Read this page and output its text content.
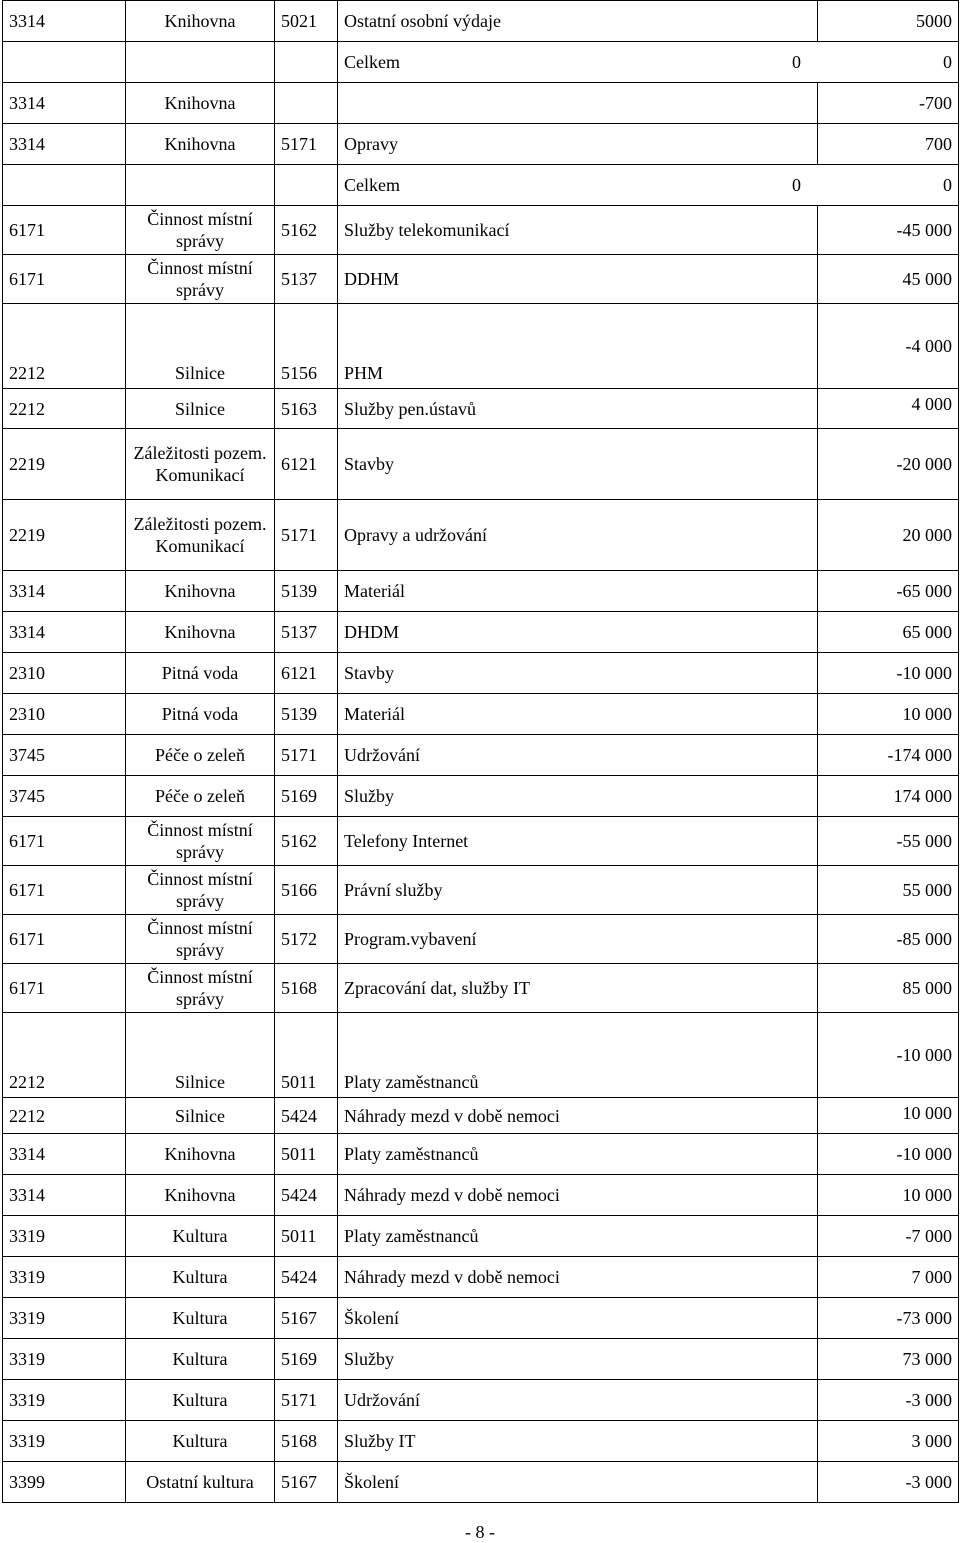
3314	Knihovna	5021	Ostatní osobní výdaje	5000

			Celkem 0 0	

3314	Knihovna			-700
3314	Knihovna	5171	Opravy	700

			Celkem 0 0	

6171	Činnost místní správy	5162	Služby telekomunikací	-45 000
6171	Činnost místní správy	5137	DDHM	45 000
2212	Silnice	5156	PHM	-4 000
2212	Silnice	5163	Služby pen.ústavů	4 000
2219	Záležitosti pozem. Komunikací	6121	Stavby	-20 000
2219	Záležitosti pozem. Komunikací	5171	Opravy a udržování	20 000
3314	Knihovna	5139	Materiál	-65 000
3314	Knihovna	5137	DHDM	65 000
2310	Pitná voda	6121	Stavby	-10 000
2310	Pitná voda	5139	Materiál	10 000
3745	Péče o zeleň	5171	Udržování	-174 000
3745	Péče o zeleň	5169	Služby	174 000
6171	Činnost místní správy	5162	Telefony Internet	-55 000
6171	Činnost místní správy	5166	Právní služby	55 000
6171	Činnost místní správy	5172	Program.vybavení	-85 000
6171	Činnost místní správy	5168	Zpracování dat, služby IT	85 000
2212	Silnice	5011	Platy zaměstnanců	-10 000
2212	Silnice	5424	Náhrady mezd v době nemoci	10 000
3314	Knihovna	5011	Platy zaměstnanců	-10 000
3314	Knihovna	5424	Náhrady mezd v době nemoci	10 000
3319	Kultura	5011	Platy zaměstnanců	-7 000
3319	Kultura	5424	Náhrady mezd v době nemoci	7 000
3319	Kultura	5167	Školení	-73 000
3319	Kultura	5169	Služby	73 000
3319	Kultura	5171	Udržování	-3 000
3319	Kultura	5168	Služby IT	3 000
3399	Ostatní kultura	5167	Školení	-3 000
- 8 -
